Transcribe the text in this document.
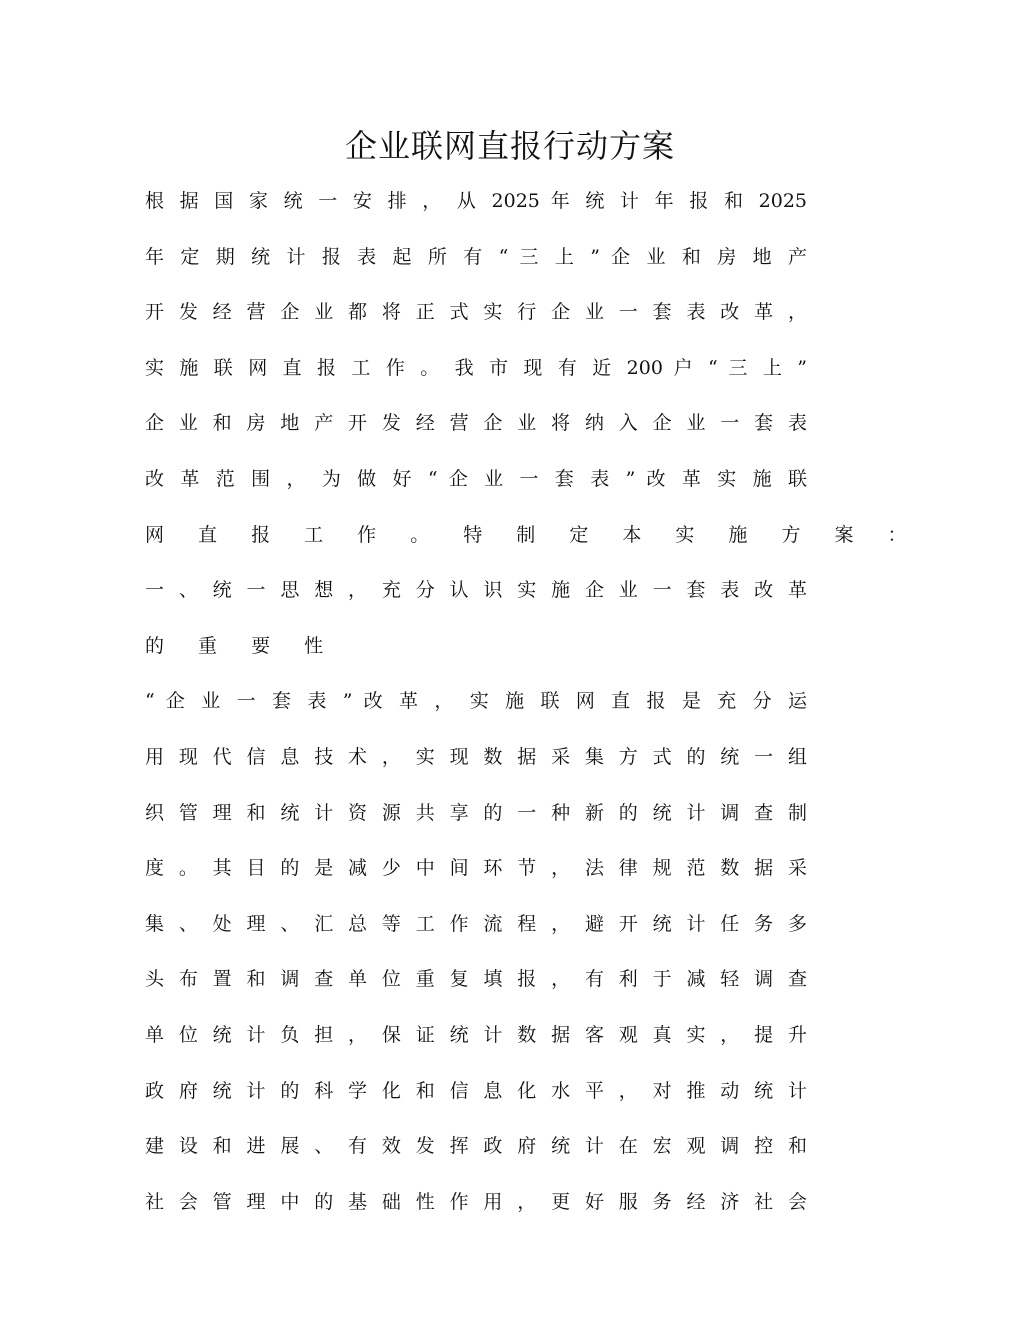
企业联网直报行动方案
根 据 国 家 统 一 安 排 ， 从 2025 年 统 计 年 报 和 2025
年 定 期 统 计 报 表 起 所 有 “ 三 上 ” 企 业 和 房 地 产
开 发 经 营 企 业 都 将 正 式 实 行 企 业 一 套 表 改 革 ，
实 施 联 网 直 报 工 作 。 我 市 现 有 近 200 户 “ 三 上 ”
企 业 和 房 地 产 开 发 经 营 企 业 将 纳 入 企 业 一 套 表
改 革 范 围 ， 为 做 好 “ 企 业 一 套 表 ” 改 革 实 施 联
网 直 报 工 作 。 特 制 定 本 实 施 方 案 ：
一 、 统 一 思 想 ， 充 分 认 识 实 施 企 业 一 套 表 改 革
的 重 要 性
“ 企 业 一 套 表 ” 改 革 ， 实 施 联 网 直 报 是 充 分 运
用 现 代 信 息 技 术 ， 实 现 数 据 采 集 方 式 的 统 一 组
织 管 理 和 统 计 资 源 共 享 的 一 种 新 的 统 计 调 查 制
度 。 其 目 的 是 减 少 中 间 环 节 ， 法 律 规 范 数 据 采
集 、 处 理 、 汇 总 等 工 作 流 程 ， 避 开 统 计 任 务 多
头 布 置 和 调 查 单 位 重 复 填 报 ， 有 利 于 减 轻 调 查
单 位 统 计 负 担 ， 保 证 统 计 数 据 客 观 真 实 ， 提 升
政 府 统 计 的 科 学 化 和 信 息 化 水 平 ， 对 推 动 统 计
建 设 和 进 展 、 有 效 发 挥 政 府 统 计 在 宏 观 调 控 和
社 会 管 理 中 的 基 础 性 作 用 ， 更 好 服 务 经 济 社 会
